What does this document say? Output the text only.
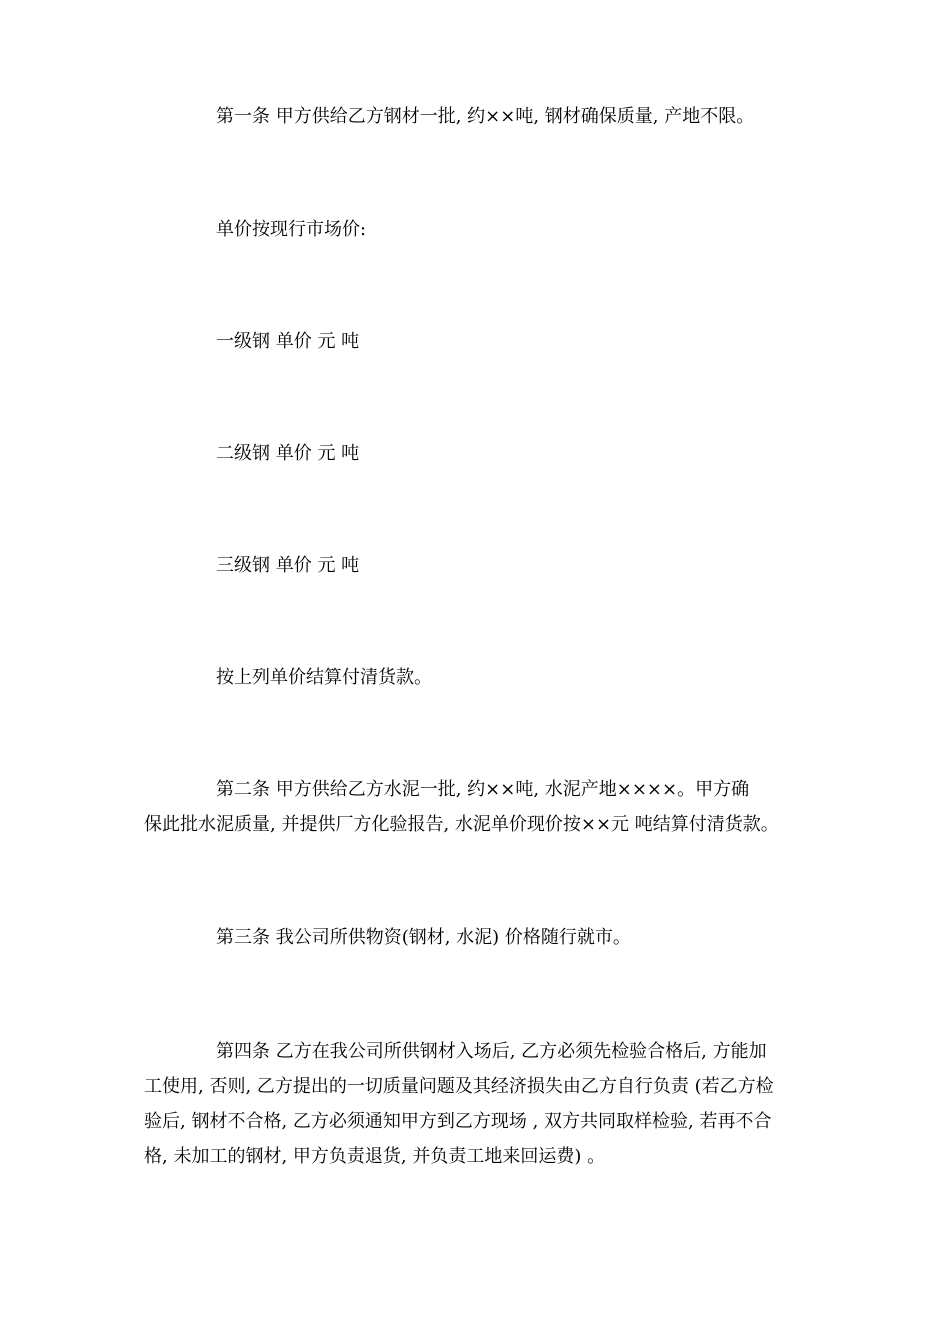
第一条 甲方供给乙方钢材一批, 约××吨, 钢材确保质量, 产地不限。

单价按现行市场价:

一级钢 单价 元 吨

二级钢 单价 元 吨

三级钢 单价 元 吨

按上列单价结算付清货款。

第二条 甲方供给乙方水泥一批, 约××吨, 水泥产地××××。甲方确
保此批水泥质量, 并提供厂方化验报告, 水泥单价现价按××元 吨结算付清货款。

第三条 我公司所供物资(钢材, 水泥) 价格随行就市。

第四条 乙方在我公司所供钢材入场后, 乙方必须先检验合格后, 方能加
工使用, 否则, 乙方提出的一切质量问题及其经济损失由乙方自行负责 (若乙方检
验后, 钢材不合格, 乙方必须通知甲方到乙方现场 , 双方共同取样检验, 若再不合
格, 未加工的钢材, 甲方负责退货, 并负责工地来回运费) 。
